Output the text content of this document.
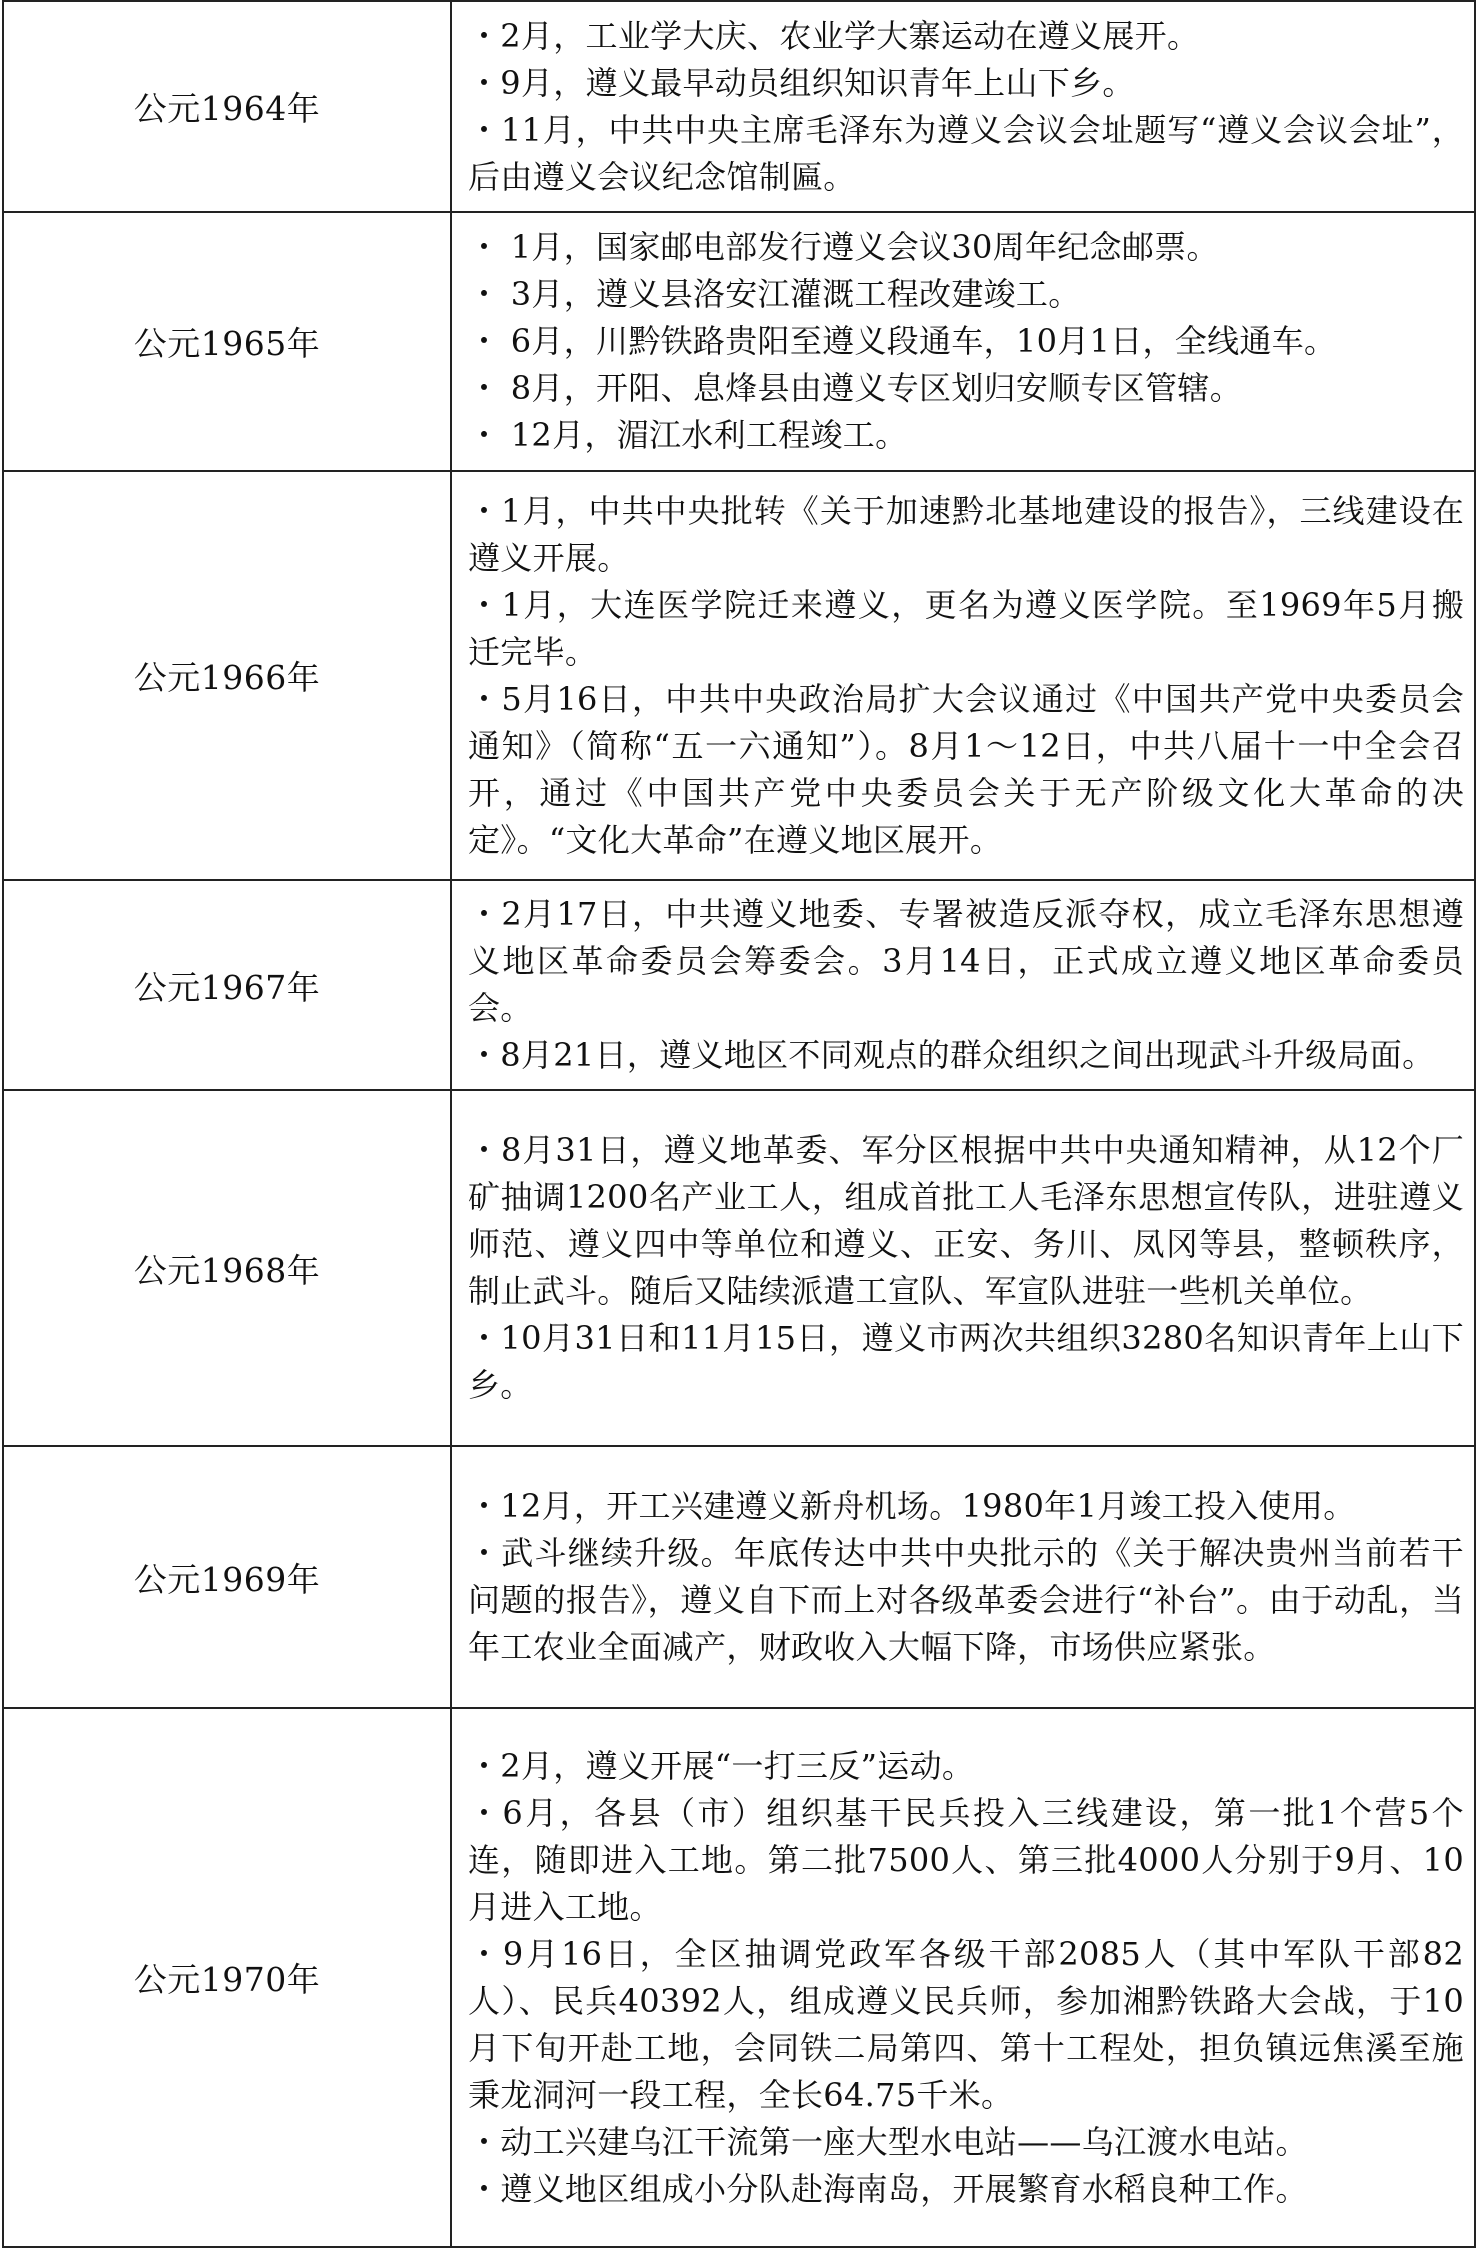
公元1964年	・2月，工业学大庆、农业学大寨运动在遵义展开。

・9月，遵义最早动员组织知识青年上山下乡。

・11月，中共中央主席毛泽东为遵义会议会址题写“遵义会议会址”，后由遵义会议纪念馆制匾。

公元1965年	・ 1月，国家邮电部发行遵义会议30周年纪念邮票。

・ 3月，遵义县洛安江灌溉工程改建竣工。

・ 6月，川黔铁路贵阳至遵义段通车，10月1日，全线通车。

・ 8月，开阳、息烽县由遵义专区划归安顺专区管辖。

・ 12月，湄江水利工程竣工。

公元1966年	・1月，中共中央批转《关于加速黔北基地建设的报告》，三线建设在遵义开展。

・1月，大连医学院迁来遵义，更名为遵义医学院。至1969年5月搬迁完毕。

・5月16日，中共中央政治局扩大会议通过《中国共产党中央委员会通知》（简称“五一六通知”）。8月1～12日，中共八届十一中全会召开，通过《中国共产党中央委员会关于无产阶级文化大革命的决定》。“文化大革命”在遵义地区展开。

公元1967年	・2月17日，中共遵义地委、专署被造反派夺权，成立毛泽东思想遵义地区革命委员会筹委会。3月14日，正式成立遵义地区革命委员会。

・8月21日，遵义地区不同观点的群众组织之间出现武斗升级局面。

公元1968年	・8月31日，遵义地革委、军分区根据中共中央通知精神，从12个厂矿抽调1200名产业工人，组成首批工人毛泽东思想宣传队，进驻遵义师范、遵义四中等单位和遵义、正安、务川、凤冈等县，整顿秩序，制止武斗。随后又陆续派遣工宣队、军宣队进驻一些机关单位。

・10月31日和11月15日，遵义市两次共组织3280名知识青年上山下乡。

公元1969年	・12月，开工兴建遵义新舟机场。1980年1月竣工投入使用。

・武斗继续升级。年底传达中共中央批示的《关于解决贵州当前若干问题的报告》，遵义自下而上对各级革委会进行“补台”。由于动乱，当年工农业全面减产，财政收入大幅下降，市场供应紧张。

公元1970年	・2月，遵义开展“一打三反”运动。

・6月，各县（市）组织基干民兵投入三线建设，第一批1个营5个连，随即进入工地。第二批7500人、第三批4000人分别于9月、10月进入工地。

・9月16日，全区抽调党政军各级干部2085人（其中军队干部82人）、民兵40392人，组成遵义民兵师，参加湘黔铁路大会战，于10月下旬开赴工地，会同铁二局第四、第十工程处，担负镇远焦溪至施秉龙洞河一段工程，全长64.75千米。

・动工兴建乌江干流第一座大型水电站——乌江渡水电站。

・遵义地区组成小分队赴海南岛，开展繁育水稻良种工作。
